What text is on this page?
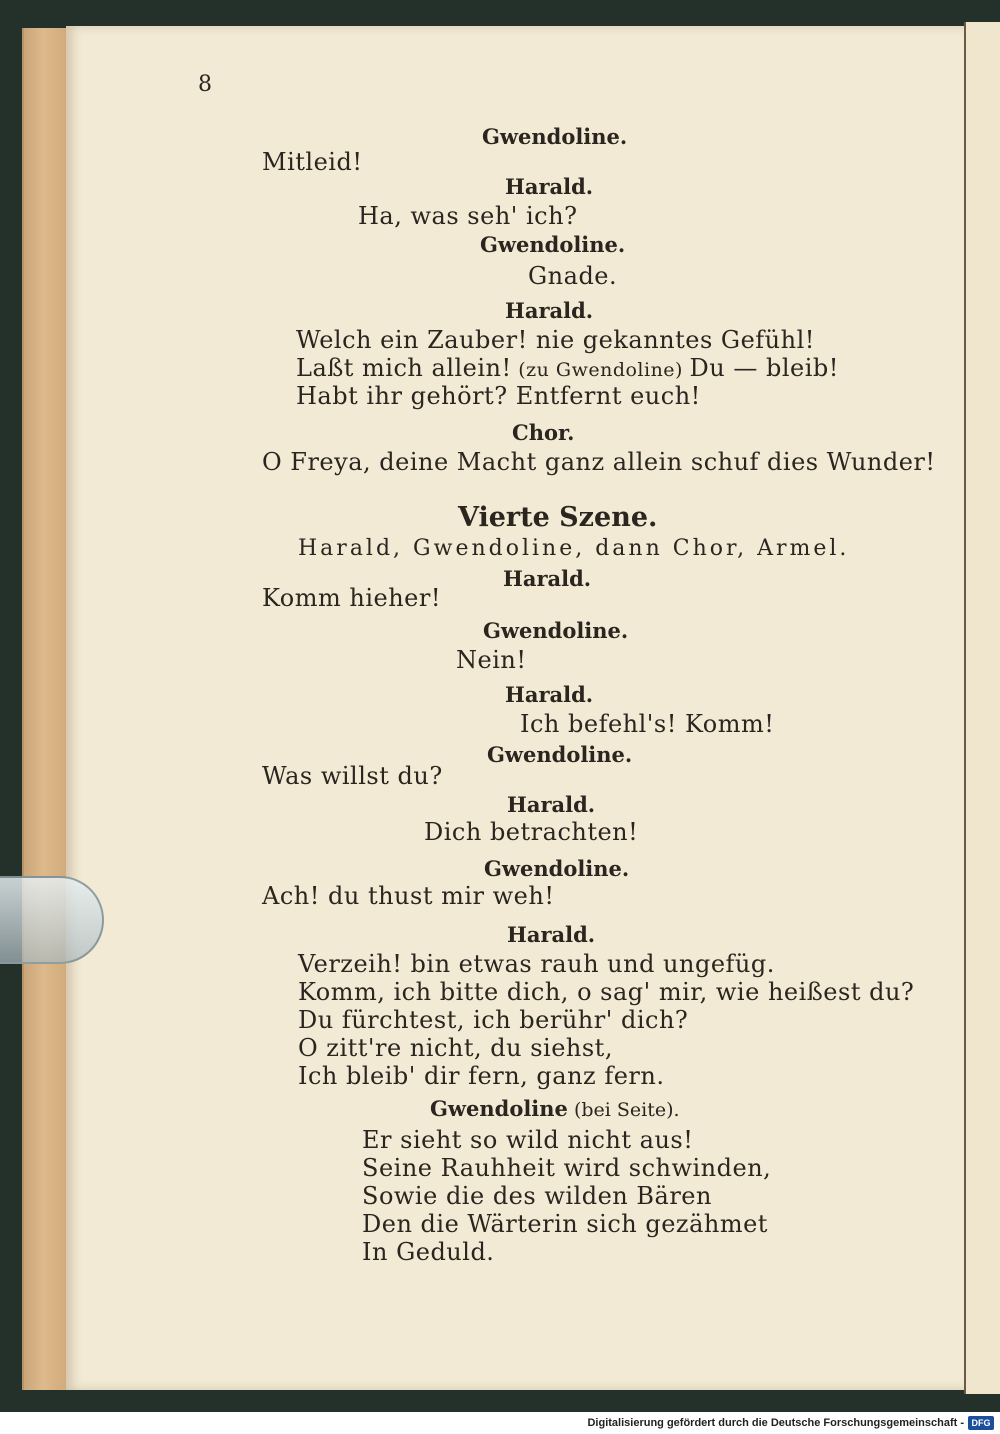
8
Gwendoline.
Mitleid!
Harald.
Ha, was seh' ich?
Gwendoline.
Gnade.
Harald.
Welch ein Zauber! nie gekanntes Gefühl!
Laßt mich allein! (zu Gwendoline) Du — bleib!
Habt ihr gehört? Entfernt euch!
Chor.
O Freya, deine Macht ganz allein schuf dies Wunder!
Vierte Szene.
Harald, Gwendoline, dann Chor, Armel.
Harald.
Komm hieher!
Gwendoline.
Nein!
Harald.
Ich befehl's! Komm!
Gwendoline.
Was willst du?
Harald.
Dich betrachten!
Gwendoline.
Ach! du thust mir weh!
Harald.
Verzeih! bin etwas rauh und ungefüg.
Komm, ich bitte dich, o sag' mir, wie heißest du?
Du fürchtest, ich berühr' dich?
O zitt're nicht, du siehst,
Ich bleib' dir fern, ganz fern.
Gwendoline (bei Seite).
Er sieht so wild nicht aus!
Seine Rauhheit wird schwinden,
Sowie die des wilden Bären
Den die Wärterin sich gezähmet
In Geduld.
Digitalisierung gefördert durch die Deutsche Forschungsgemeinschaft - DFG
